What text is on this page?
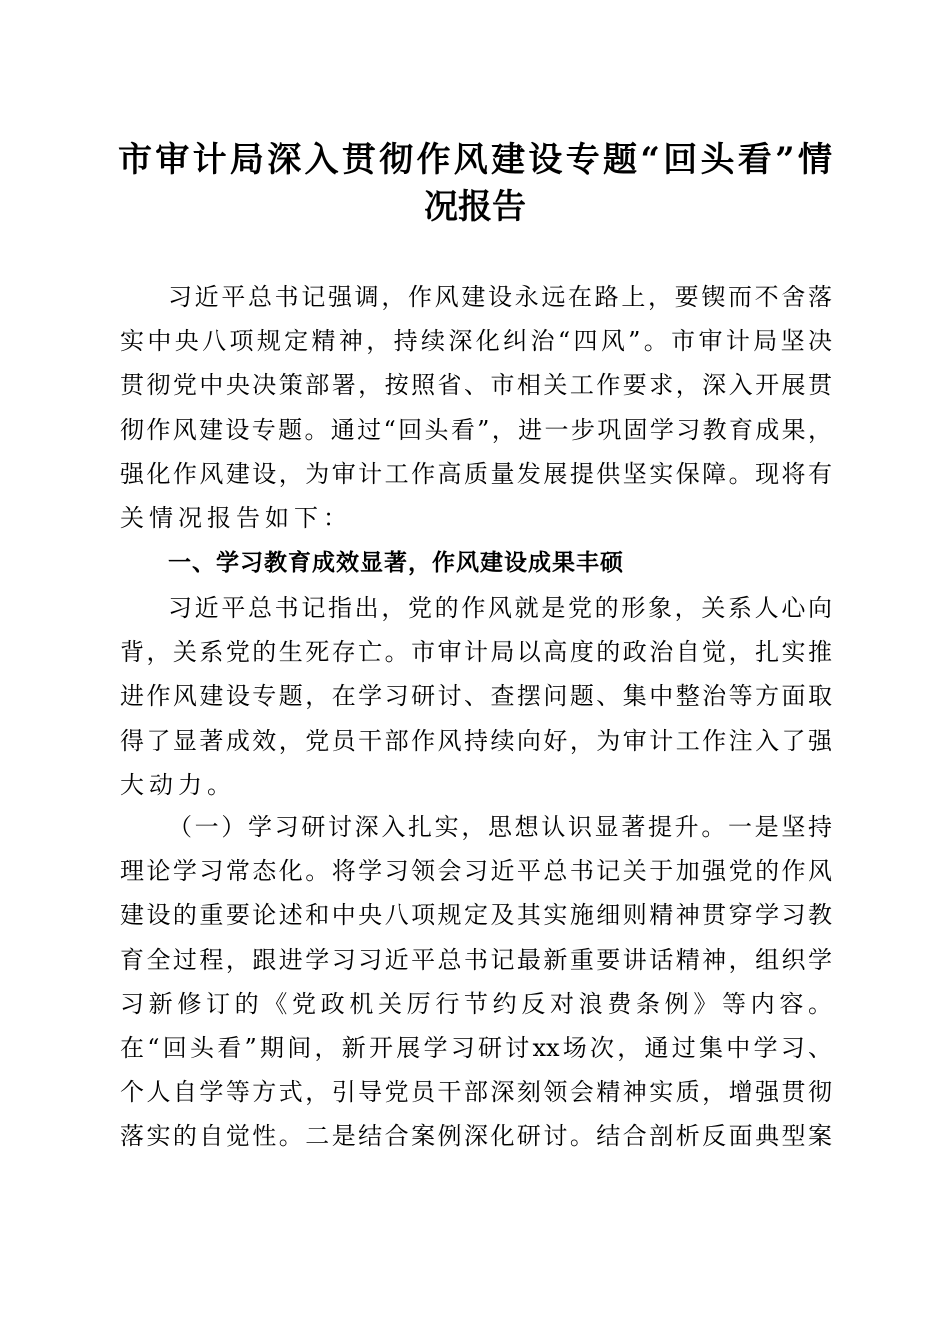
市审计局深入贯彻作风建设专题“回头看”情
况报告
习近平总书记强调，作风建设永远在路上，要锲而不舍落
实中央八项规定精神，持续深化纠治“四风”。市审计局坚决
贯彻党中央决策部署，按照省、市相关工作要求，深入开展贯
彻作风建设专题。通过“回头看”，进一步巩固学习教育成果，
强化作风建设，为审计工作高质量发展提供坚实保障。现将有
关情况报告如下：
一、学习教育成效显著，作风建设成果丰硕
习近平总书记指出，党的作风就是党的形象，关系人心向
背，关系党的生死存亡。市审计局以高度的政治自觉，扎实推
进作风建设专题，在学习研讨、查摆问题、集中整治等方面取
得了显著成效，党员干部作风持续向好，为审计工作注入了强
大动力。
（一）学习研讨深入扎实，思想认识显著提升。一是坚持
理论学习常态化。将学习领会习近平总书记关于加强党的作风
建设的重要论述和中央八项规定及其实施细则精神贯穿学习教
育全过程，跟进学习习近平总书记最新重要讲话精神，组织学
习新修订的《党政机关厉行节约反对浪费条例》等内容。
在“回头看”期间，新开展学习研讨xx场次，通过集中学习、
个人自学等方式，引导党员干部深刻领会精神实质，增强贯彻
落实的自觉性。二是结合案例深化研讨。结合剖析反面典型案
